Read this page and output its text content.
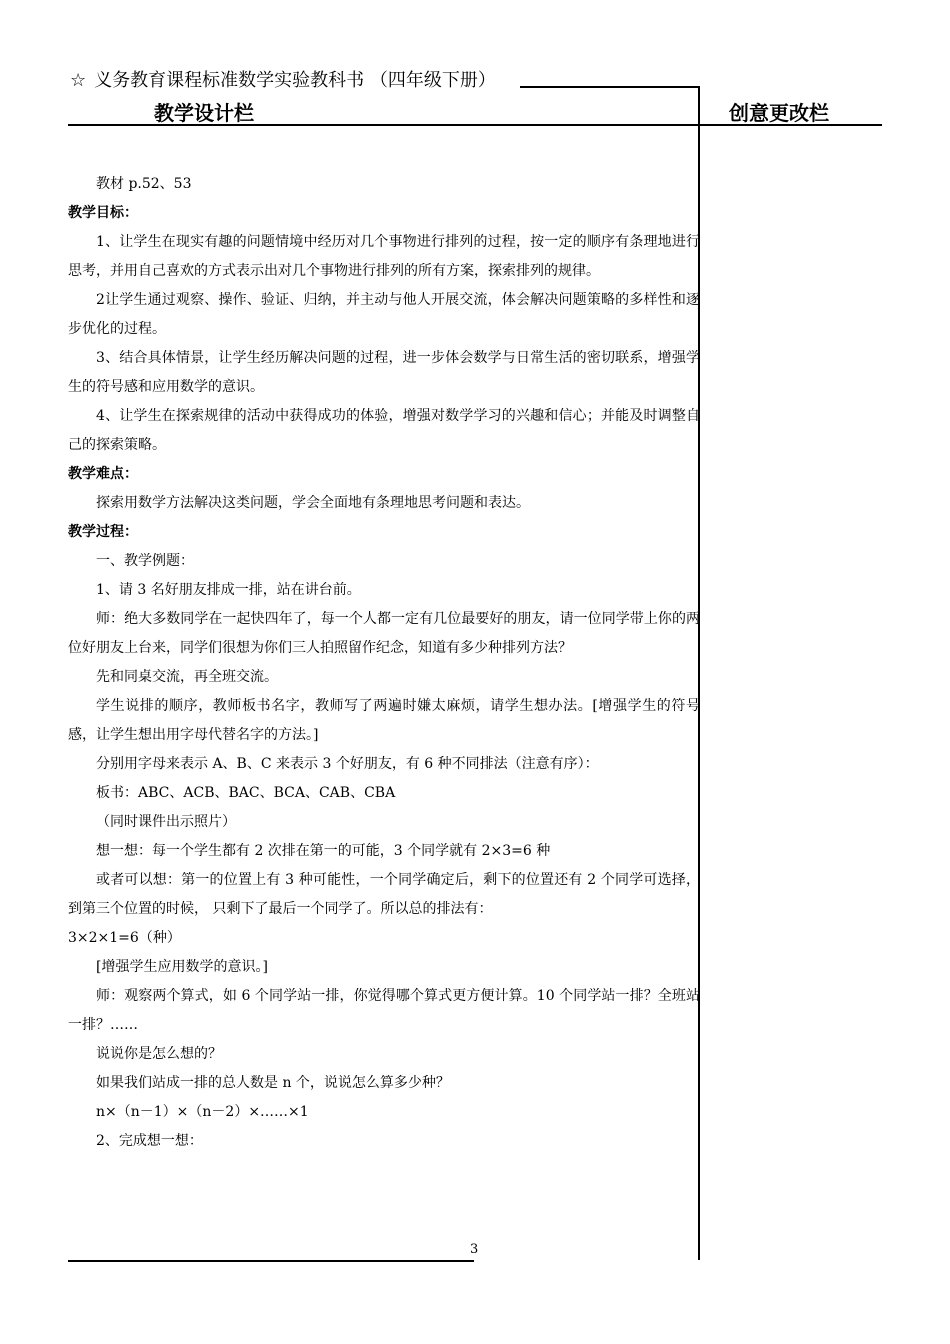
☆ 义务教育课程标准数学实验教科书 （四年级下册）
教学设计栏	创意更改栏

教材 p.52、53

教学目标：

1、让学生在现实有趣的问题情境中经历对几个事物进行排列的过程，按一定的顺序有条理地进行思考，并用自己喜欢的方式表示出对几个事物进行排列的所有方案，探索排列的规律。

2让学生通过观察、操作、验证、归纳，并主动与他人开展交流，体会解决问题策略的多样性和逐步优化的过程。

3、结合具体情景，让学生经历解决问题的过程，进一步体会数学与日常生活的密切联系，增强学生的符号感和应用数学的意识。

4、让学生在探索规律的活动中获得成功的体验，增强对数学学习的兴趣和信心；并能及时调整自己的探索策略。

教学难点：

探索用数学方法解决这类问题，学会全面地有条理地思考问题和表达。

教学过程：

一、教学例题：

1、请 3 名好朋友排成一排，站在讲台前。

师：绝大多数同学在一起快四年了，每一个人都一定有几位最要好的朋友，请一位同学带上你的两位好朋友上台来，同学们很想为你们三人拍照留作纪念，知道有多少种排列方法？

先和同桌交流，再全班交流。

学生说排的顺序，教师板书名字，教师写了两遍时嫌太麻烦，请学生想办法。[增强学生的符号感，让学生想出用字母代替名字的方法。]

分别用字母来表示 A、B、C 来表示 3 个好朋友，有 6 种不同排法（注意有序）：

板书：ABC、ACB、BAC、BCA、CAB、CBA

（同时课件出示照片）

想一想：每一个学生都有 2 次排在第一的可能，3 个同学就有 2×3=6 种

或者可以想：第一的位置上有 3 种可能性，一个同学确定后，剩下的位置还有 2 个同学可选择， 到第三个位置的时候， 只剩下了最后一个同学了。所以总的排法有：

3×2×1=6（种）

[增强学生应用数学的意识。]

师：观察两个算式，如 6 个同学站一排，你觉得哪个算式更方便计算。10 个同学站一排？全班站一排？……

说说你是怎么想的？

如果我们站成一排的总人数是 n 个，说说怎么算多少种？

n×（n－1）×（n－2）×……×1

2、完成想一想：

3
